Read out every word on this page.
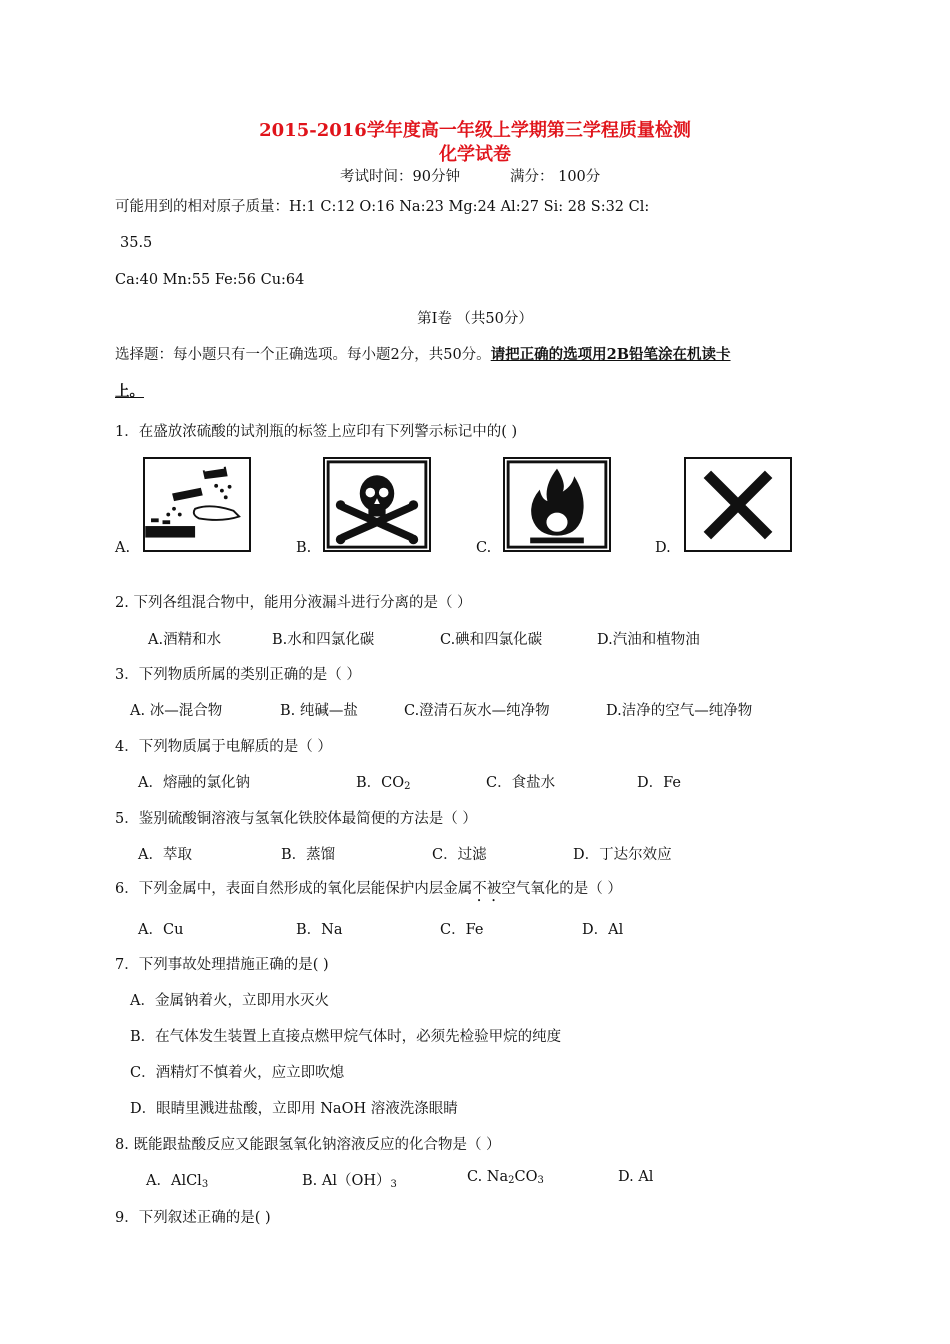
2015-2016学年度高一年级上学期第三学程质量检测
化学试卷
考试时间：90分钟	满分： 100分
可能用到的相对原子质量：H:1 C:12 O:16 Na:23 Mg:24 Al:27 Si: 28 S:32 Cl:
35.5
Ca:40 Mn:55 Fe:56 Cu:64
第Ⅰ卷 （共50分）
选择题：每小题只有一个正确选项。每小题2分，共50分。请把正确的选项用2B铅笔涂在机读卡
上。
1．在盛放浓硫酸的试剂瓶的标签上应印有下列警示标记中的( )
A.	B.	C.	D.
2. 下列各组混合物中，能用分液漏斗进行分离的是（ ）
A.酒精和水	B.水和四氯化碳	C.碘和四氯化碳	D.汽油和植物油
3．下列物质所属的类别正确的是（ ）
A. 冰—混合物	B. 纯碱—盐	C.澄清石灰水—纯净物	D.洁净的空气—纯净物
4．下列物质属于电解质的是（ ）
A．熔融的氯化钠	B．$CO_2$	C．食盐水	D．Fe
5．鉴别硫酸铜溶液与氢氧化铁胶体最简便的方法是（ ）
A．萃取	B．蒸馏	C．过滤	D．丁达尔效应
6．下列金属中，表面自然形成的氧化层能保护内层金属不被空气氧化的是（ ）
A．Cu	B．Na	C．Fe	D．Al
7．下列事故处理措施正确的是( )
A．金属钠着火，立即用水灭火
B．在气体发生装置上直接点燃甲烷气体时，必须先检验甲烷的纯度
C．酒精灯不慎着火，应立即吹熄
D．眼睛里溅进盐酸，立即用 NaOH 溶液洗涤眼睛
8. 既能跟盐酸反应又能跟氢氧化钠溶液反应的化合物是（ ）
A．AlCl$_3$	B. $Al(OH)_3$	C. $Na_2CO_3$	D. Al
9．下列叙述正确的是( )
